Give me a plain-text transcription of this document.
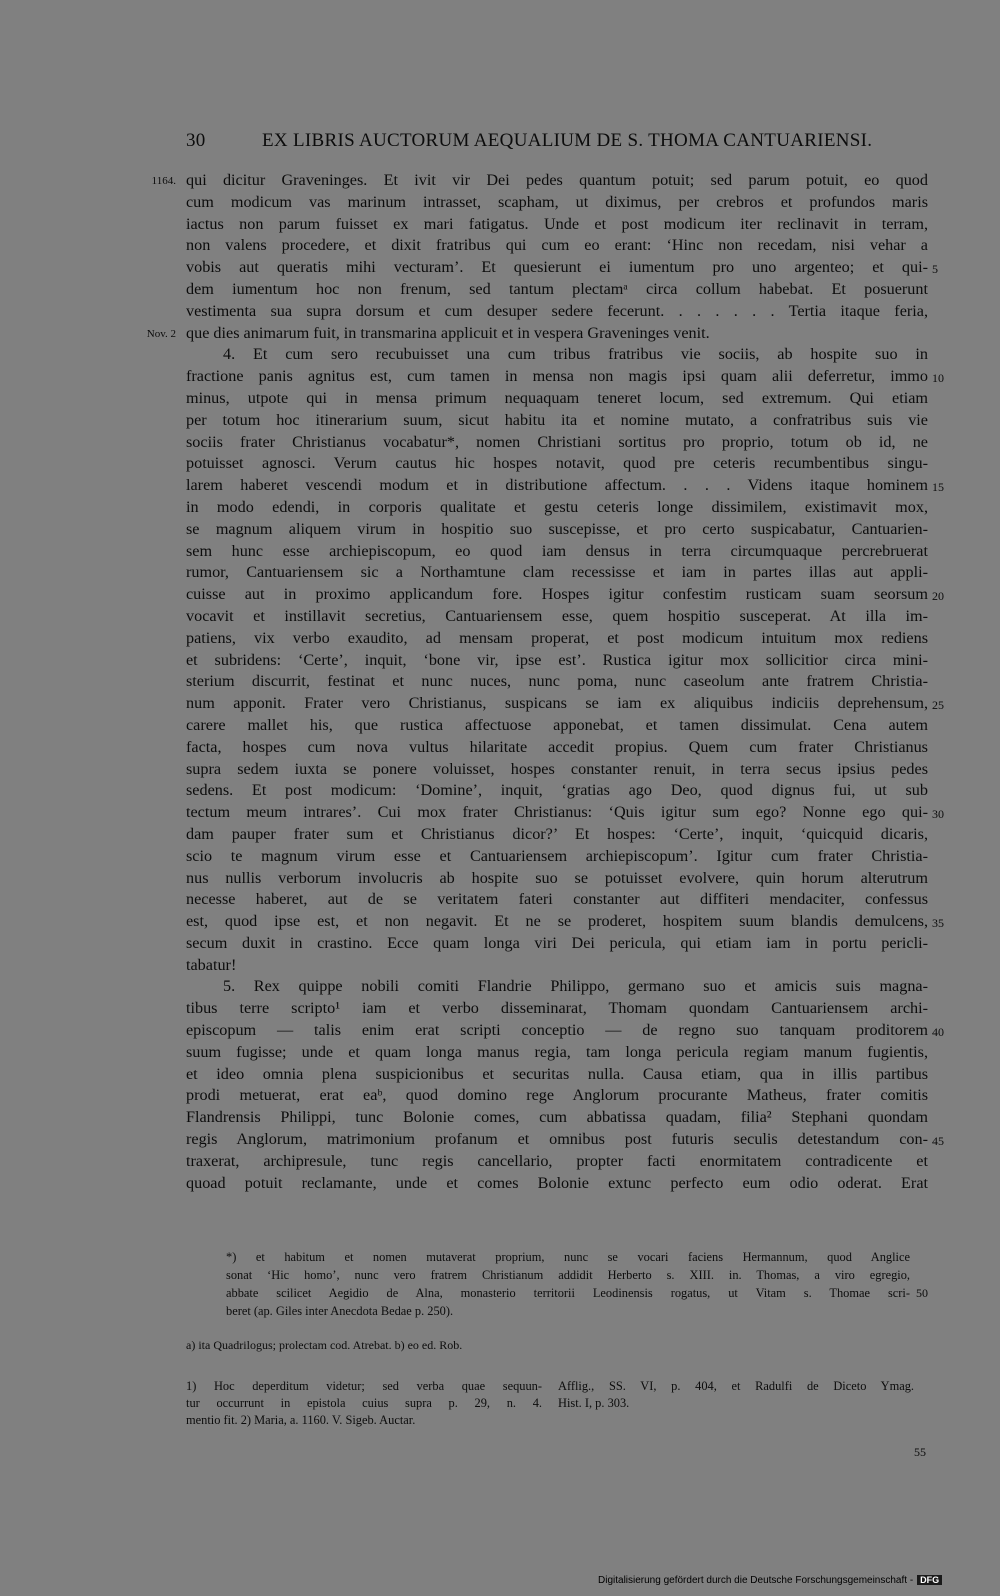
30	EX LIBRIS AUCTORUM AEQUALIUM DE S. THOMA CANTUARIENSI.
1164. qui dicitur Graveninges. Et ivit vir Dei pedes quantum potuit; sed parum potuit, eo quod
cum modicum vas marinum intrasset, scapham, ut diximus, per crebros et profundos maris
iactus non parum fuisset ex mari fatigatus. Unde et post modicum iter reclinavit in terram,
non valens procedere, et dixit fratribus qui cum eo erant: ‘Hinc non recedam, nisi vehar a
vobis aut queratis mihi vecturam’. Et quesierunt ei iumentum pro uno argenteo; et qui- 5
dem iumentum hoc non frenum, sed tantum plectamᵃ circa collum habebat. Et posuerunt
vestimenta sua supra dorsum et cum desuper sedere fecerunt. . . . . . . Tertia itaque feria,
Nov. 2 que dies animarum fuit, in transmarina applicuit et in vespera Graveninges venit.
4. Et cum sero recubuisset una cum tribus fratribus vie sociis, ab hospite suo in
fractione panis agnitus est, cum tamen in mensa non magis ipsi quam alii deferretur, immo 10
minus, utpote qui in mensa primum nequaquam teneret locum, sed extremum. Qui etiam
per totum hoc itinerarium suum, sicut habitu ita et nomine mutato, a confratribus suis vie
sociis frater Christianus vocabatur*, nomen Christiani sortitus pro proprio, totum ob id, ne
potuisset agnosci. Verum cautus hic hospes notavit, quod pre ceteris recumbentibus singu-
larem haberet vescendi modum et in distributione affectum. . . . Videns itaque hominem 15
in modo edendi, in corporis qualitate et gestu ceteris longe dissimilem, existimavit mox,
se magnum aliquem virum in hospitio suo suscepisse, et pro certo suspicabatur, Cantuarien-
sem hunc esse archiepiscopum, eo quod iam densus in terra circumquaque percrebruerat
rumor, Cantuariensem sic a Northamtune clam recessisse et iam in partes illas aut appli-
cuisse aut in proximo applicandum fore. Hospes igitur confestim rusticam suam seorsum 20
vocavit et instillavit secretius, Cantuariensem esse, quem hospitio susceperat. At illa im-
patiens, vix verbo exaudito, ad mensam properat, et post modicum intuitum mox rediens
et subridens: ‘Certe’, inquit, ‘bone vir, ipse est’. Rustica igitur mox sollicitior circa mini-
sterium discurrit, festinat et nunc nuces, nunc poma, nunc caseolum ante fratrem Christia-
num apponit. Frater vero Christianus, suspicans se iam ex aliquibus indiciis deprehensum, 25
carere mallet his, que rustica affectuose apponebat, et tamen dissimulat. Cena autem
facta, hospes cum nova vultus hilaritate accedit propius. Quem cum frater Christianus
supra sedem iuxta se ponere voluisset, hospes constanter renuit, in terra secus ipsius pedes
sedens. Et post modicum: ‘Domine’, inquit, ‘gratias ago Deo, quod dignus fui, ut sub
tectum meum intrares’. Cui mox frater Christianus: ‘Quis igitur sum ego? Nonne ego qui- 30
dam pauper frater sum et Christianus dicor?’ Et hospes: ‘Certe’, inquit, ‘quicquid dicaris,
scio te magnum virum esse et Cantuariensem archiepiscopum’. Igitur cum frater Christia-
nus nullis verborum involucris ab hospite suo se potuisset evolvere, quin horum alterutrum
necesse haberet, aut de se veritatem fateri constanter aut diffiteri mendaciter, confessus
est, quod ipse est, et non negavit. Et ne se proderet, hospitem suum blandis demulcens, 35
secum duxit in crastino. Ecce quam longa viri Dei pericula, qui etiam iam in portu pericli-
tabatur!
5. Rex quippe nobili comiti Flandrie Philippo, germano suo et amicis suis magna-
tibus terre scripto¹ iam et verbo disseminarat, Thomam quondam Cantuariensem archi-
episcopum — talis enim erat scripti conceptio — de regno suo tanquam proditorem 40
suum fugisse; unde et quam longa manus regia, tam longa pericula regiam manum fugientis,
et ideo omnia plena suspicionibus et securitas nulla. Causa etiam, qua in illis partibus
prodi metuerat, erat eaᵇ, quod domino rege Anglorum procurante Matheus, frater comitis
Flandrensis Philippi, tunc Bolonie comes, cum abbatissa quadam, filia² Stephani quondam
regis Anglorum, matrimonium profanum et omnibus post futuris seculis detestandum con- 45
traxerat, archipresule, tunc regis cancellario, propter facti enormitatem contradicente et
quoad potuit reclamante, unde et comes Bolonie extunc perfecto eum odio oderat. Erat
*) et habitum et nomen mutaverat proprium, nunc se vocari faciens Hermannum, quod Anglice
sonat ‘Hic homo’, nunc vero fratrem Christianum addidit Herberto s. XIII. in. Thomas, a viro egregio,
abbate scilicet Aegidio de Alna, monasterio territorii Leodinensis rogatus, ut Vitam s. Thomae scri- 50
beret (ap. Giles inter Anecdota Bedae p. 250).
a) ita Quadrilogus; prolectam cod. Atrebat. b) eo ed. Rob.
1) Hoc deperditum videtur; sed verba quae sequun-
tur occurrunt in epistola cuius supra p. 29, n. 4.
mentio fit. 2) Maria, a. 1160. V. Sigeb. Auctar.
Afflig., SS. VI, p. 404, et Radulfi de Diceto Ymag.
Hist. I, p. 303.
55
Digitalisierung gefördert durch die Deutsche Forschungsgemeinschaft - DFG
